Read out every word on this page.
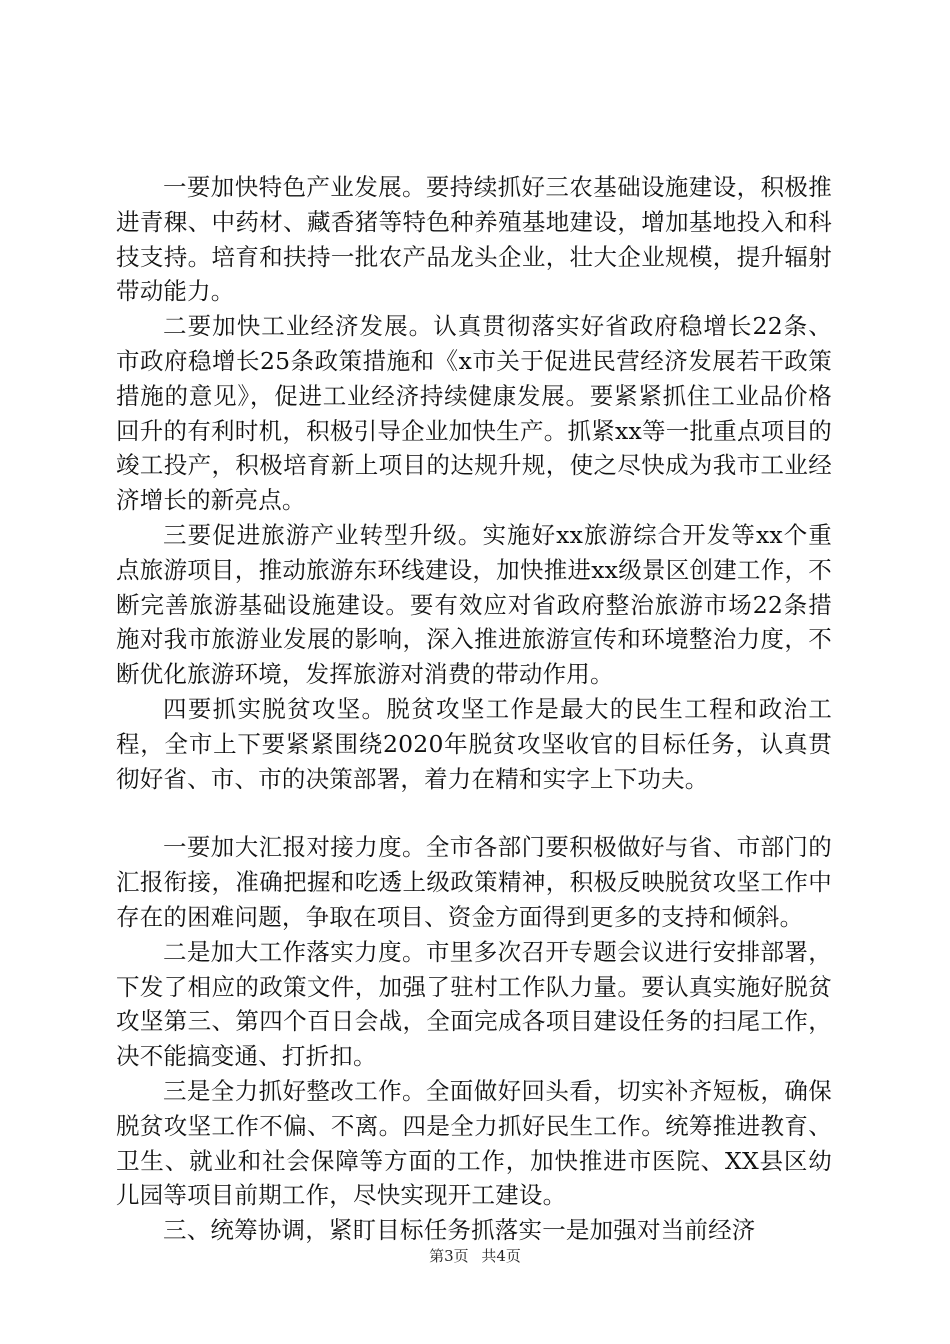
一要加快特色产业发展。要持续抓好三农基础设施建设，积极推进青稞、中药材、藏香猪等特色种养殖基地建设，增加基地投入和科技支持。培育和扶持一批农产品龙头企业，壮大企业规模，提升辐射带动能力。

二要加快工业经济发展。认真贯彻落实好省政府稳增长22条、市政府稳增长25条政策措施和《x市关于促进民营经济发展若干政策措施的意见》，促进工业经济持续健康发展。要紧紧抓住工业品价格回升的有利时机，积极引导企业加快生产。抓紧xx等一批重点项目的竣工投产，积极培育新上项目的达规升规，使之尽快成为我市工业经济增长的新亮点。

三要促进旅游产业转型升级。实施好xx旅游综合开发等xx个重点旅游项目，推动旅游东环线建设，加快推进xx级景区创建工作，不断完善旅游基础设施建设。要有效应对省政府整治旅游市场22条措施对我市旅游业发展的影响，深入推进旅游宣传和环境整治力度，不断优化旅游环境，发挥旅游对消费的带动作用。

四要抓实脱贫攻坚。脱贫攻坚工作是最大的民生工程和政治工程，全市上下要紧紧围绕2020年脱贫攻坚收官的目标任务，认真贯彻好省、市、市的决策部署，着力在精和实字上下功夫。

一要加大汇报对接力度。全市各部门要积极做好与省、市部门的汇报衔接，准确把握和吃透上级政策精神，积极反映脱贫攻坚工作中存在的困难问题，争取在项目、资金方面得到更多的支持和倾斜。

二是加大工作落实力度。市里多次召开专题会议进行安排部署，下发了相应的政策文件，加强了驻村工作队力量。要认真实施好脱贫攻坚第三、第四个百日会战，全面完成各项目建设任务的扫尾工作，决不能搞变通、打折扣。

三是全力抓好整改工作。全面做好回头看，切实补齐短板，确保脱贫攻坚工作不偏、不离。四是全力抓好民生工作。统筹推进教育、卫生、就业和社会保障等方面的工作，加快推进市医院、XX县区幼儿园等项目前期工作，尽快实现开工建设。

三、统筹协调，紧盯目标任务抓落实一是加强对当前经济

第3页 共4页
